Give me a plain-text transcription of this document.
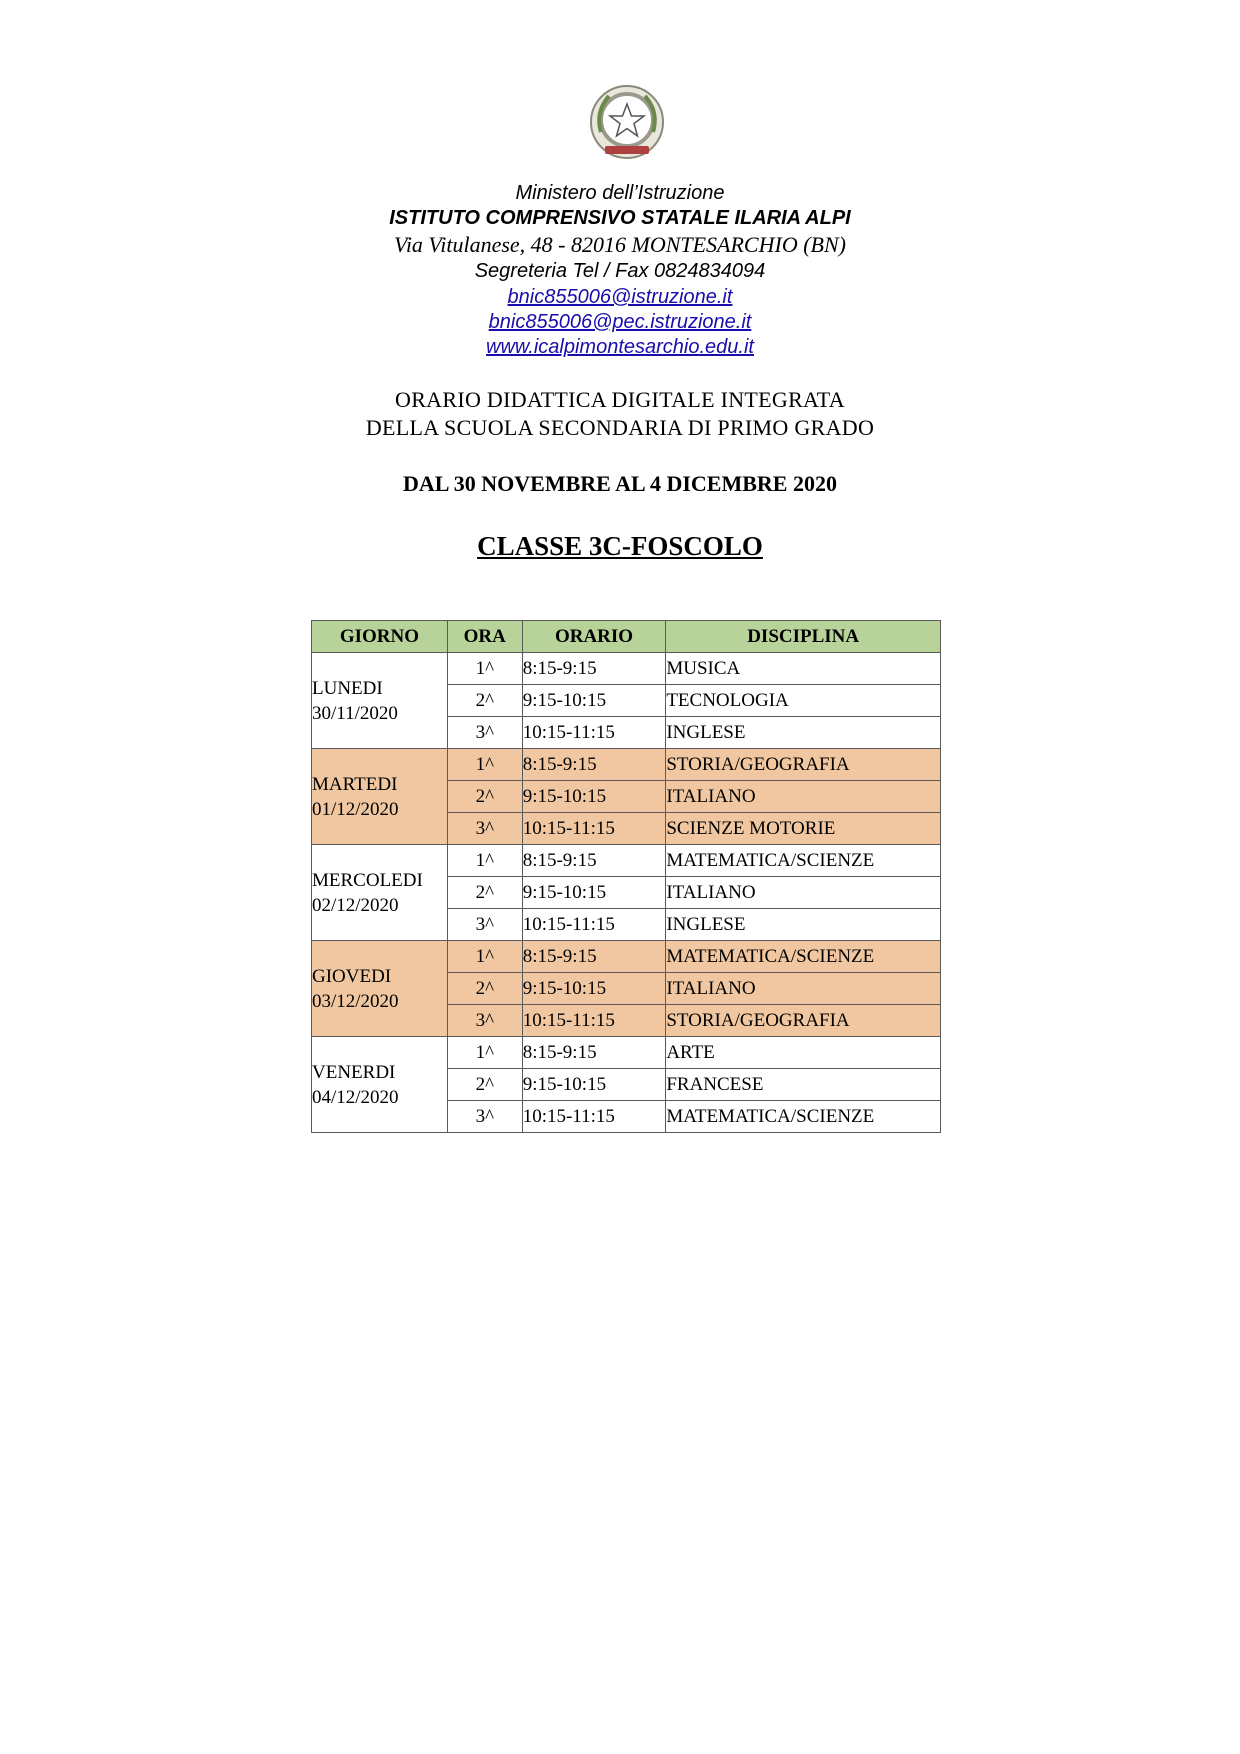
Ministero dell’Istruzione
ISTITUTO COMPRENSIVO STATALE ILARIA ALPI
Via Vitulanese, 48 - 82016 MONTESARCHIO (BN)
Segreteria Tel / Fax 0824834094
bnic855006@istruzione.it
bnic855006@pec.istruzione.it
www.icalpimontesarchio.edu.it
ORARIO DIDATTICA DIGITALE INTEGRATA
DELLA SCUOLA SECONDARIA DI PRIMO GRADO
DAL 30 NOVEMBRE AL 4 DICEMBRE 2020
CLASSE 3C-FOSCOLO
GIORNO	ORA	ORARIO	DISCIPLINA

LUNEDI
30/11/2020	1^	8:15-9:15	MUSICA
	2^	9:15-10:15	TECNOLOGIA
	3^	10:15-11:15	INGLESE

MARTEDI
01/12/2020	1^	8:15-9:15	STORIA/GEOGRAFIA
	2^	9:15-10:15	ITALIANO
	3^	10:15-11:15	SCIENZE MOTORIE

MERCOLEDI
02/12/2020	1^	8:15-9:15	MATEMATICA/SCIENZE
	2^	9:15-10:15	ITALIANO
	3^	10:15-11:15	INGLESE

GIOVEDI
03/12/2020	1^	8:15-9:15	MATEMATICA/SCIENZE
	2^	9:15-10:15	ITALIANO
	3^	10:15-11:15	STORIA/GEOGRAFIA

VENERDI
04/12/2020	1^	8:15-9:15	ARTE
	2^	9:15-10:15	FRANCESE
	3^	10:15-11:15	MATEMATICA/SCIENZE
